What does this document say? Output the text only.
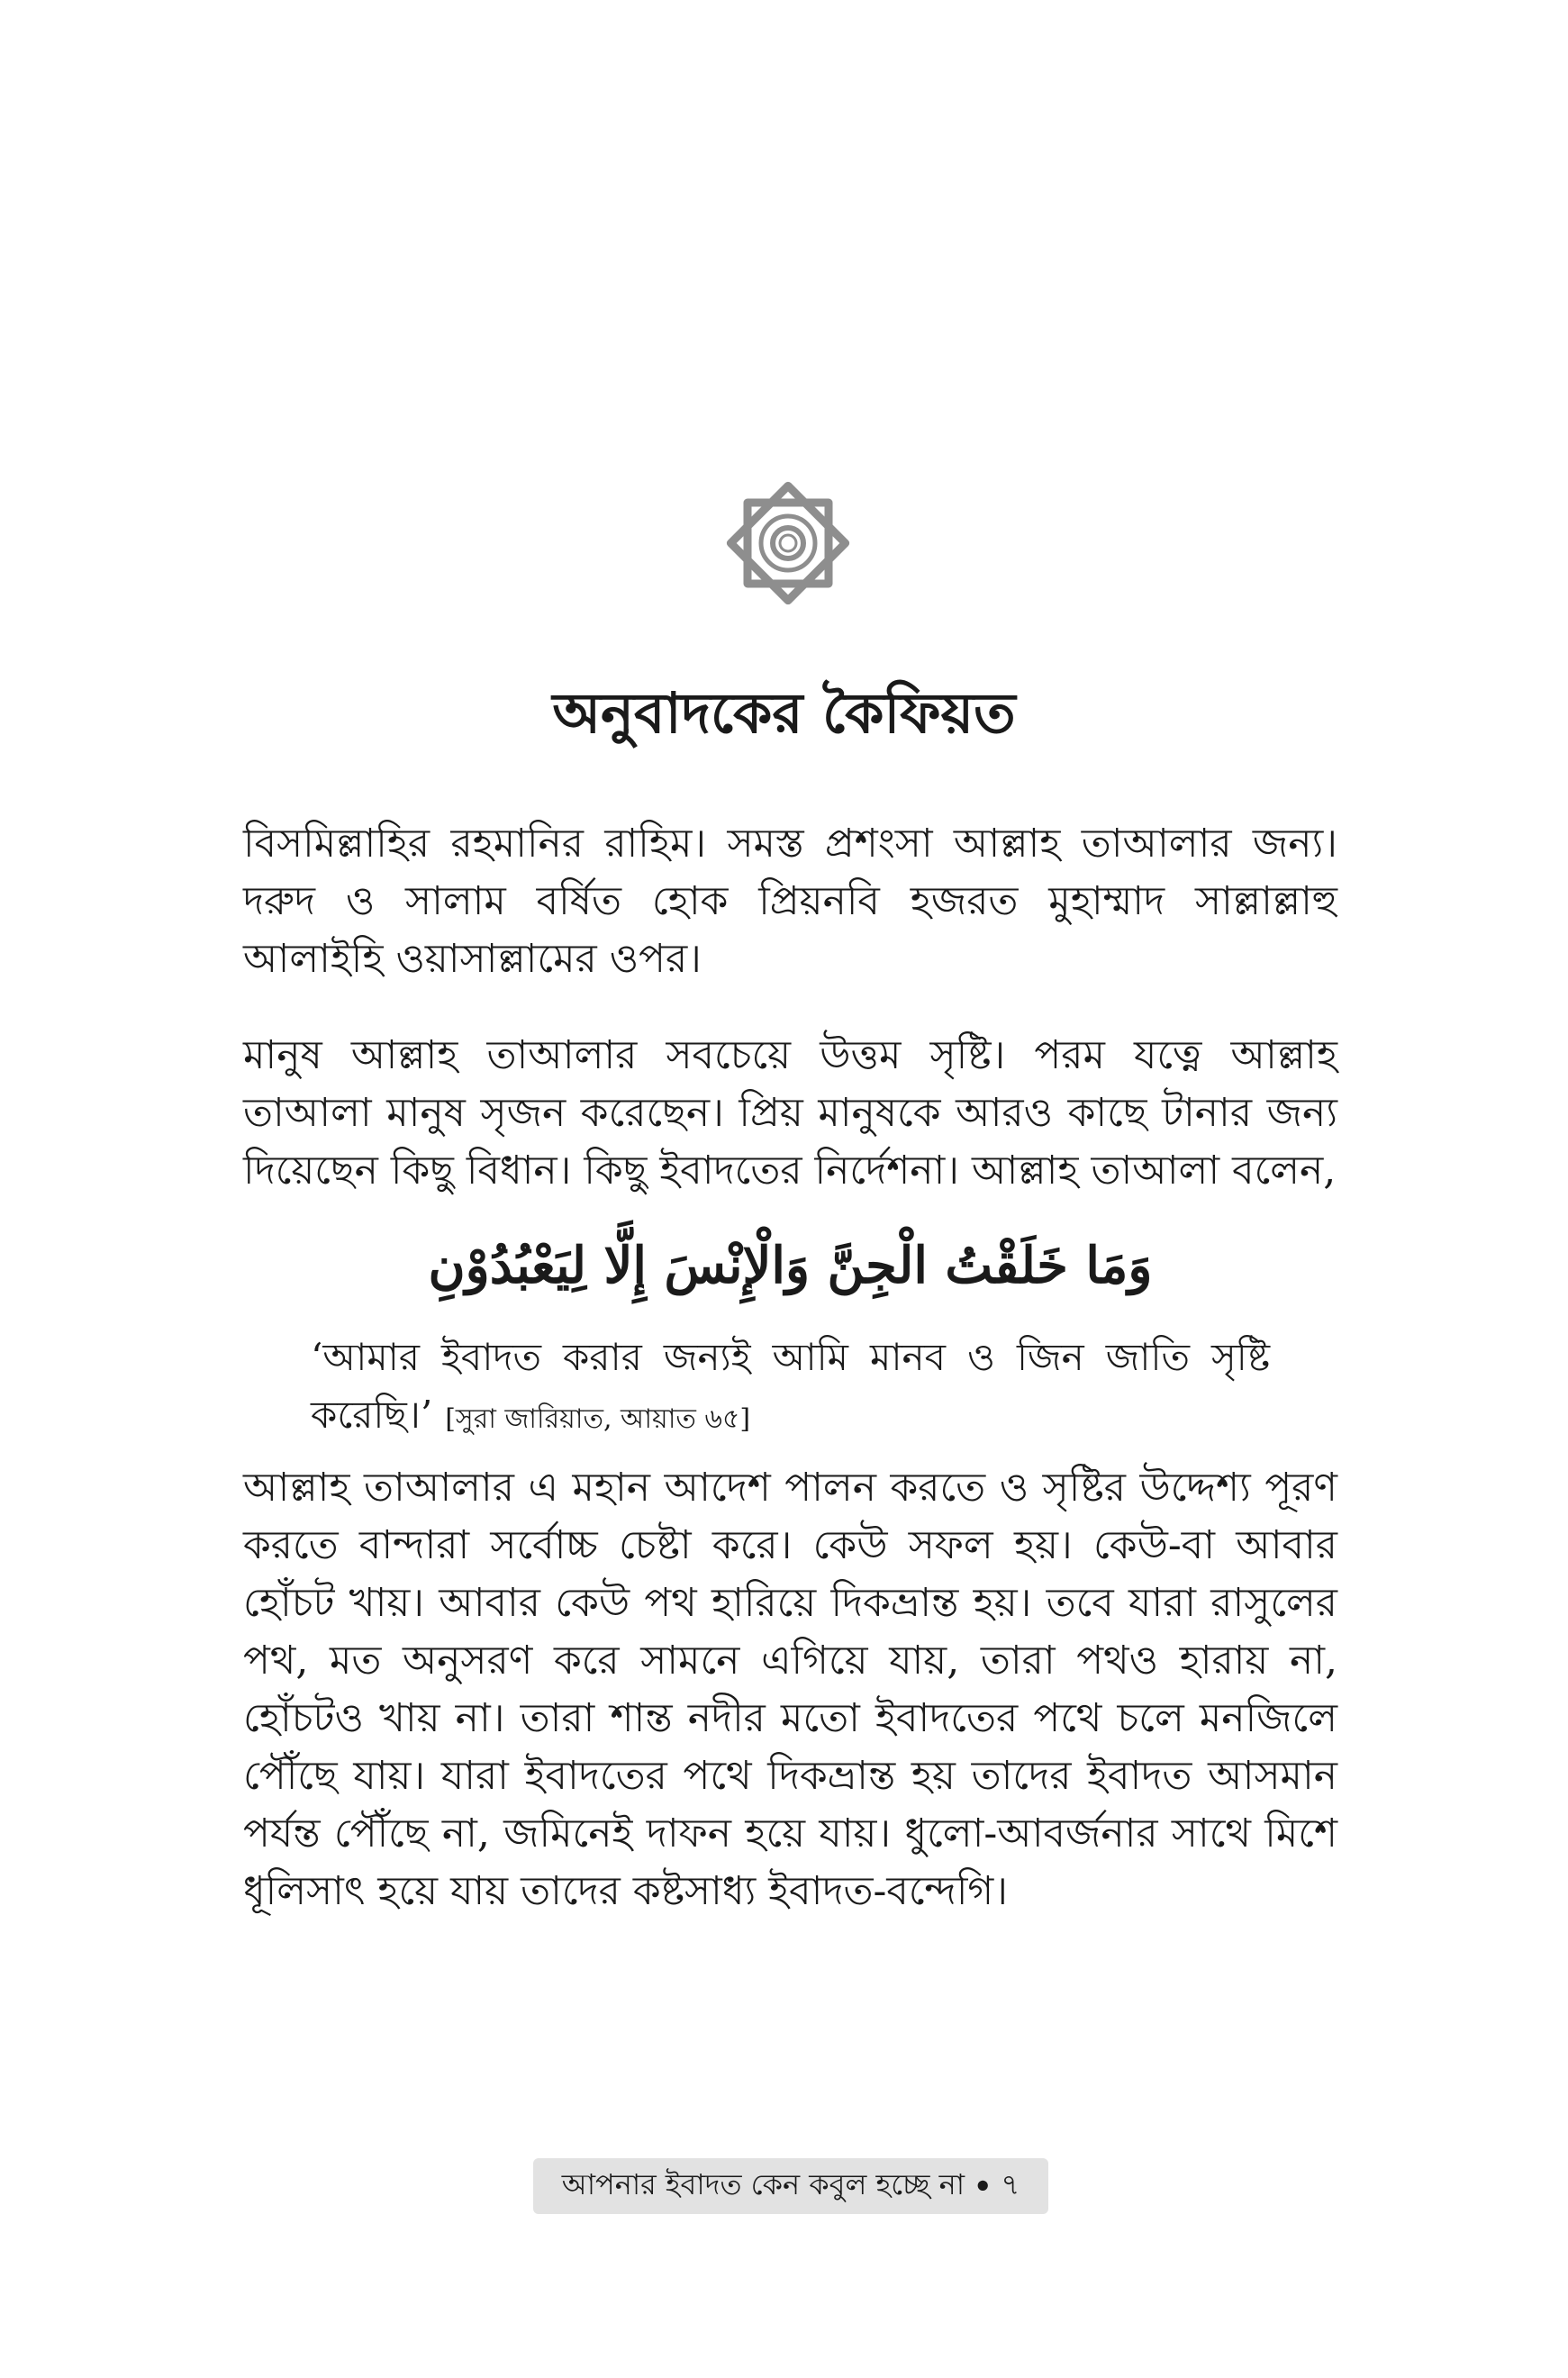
অনুবাদকের কৈফিয়ত

বিসমিল্লাহির রহমানির রাহিম। সমস্ত প্রশংসা আল্লাহ তাআলার জন্য। দরুদ ও সালাম বর্ষিত হোক প্রিয়নবি হজরত মুহাম্মাদ সাল্লাল্লাহু আলাইহি ওয়াসাল্লামের ওপর।

মানুষ আল্লাহ তাআলার সবচেয়ে উত্তম সৃষ্টি। পরম যত্নে আল্লাহ তাআলা মানুষ সৃজন করেছেন। প্রিয় মানুষকে আরও কাছে টানার জন্য দিয়েছেন কিছু বিধান। কিছু ইবাদতের নির্দেশনা। আল্লাহ তাআলা বলেন,

وَمَا خَلَقْتُ الْجِنَّ وَالْإِنْسَ إِلَّا لِيَعْبُدُوْنِ

‘আমার ইবাদত করার জন্যই আমি মানব ও জিন জাতি সৃষ্টি করেছি।’ [সুরা জারিয়াত, আয়াত ৬৫]

আল্লাহ তাআলার এ মহান আদেশ পালন করতে ও সৃষ্টির উদ্দেশ্য পূরণ করতে বান্দারা সর্বোচ্চ চেষ্টা করে। কেউ সফল হয়। কেউ-বা আবার হোঁচট খায়। আবার কেউ পথ হারিয়ে দিকভ্রান্ত হয়। তবে যারা রাসুলের পথ, মত অনুসরণ করে সামনে এগিয়ে যায়, তারা পথও হারায় না, হোঁচটও খায় না। তারা শান্ত নদীর মতো ইবাদতের পথে চলে মনজিলে পৌঁছে যায়। যারা ইবাদতের পথে দিকভ্রান্ত হয় তাদের ইবাদত আসমান পর্যন্ত পৌঁছে না, জমিনেই দাফন হয়ে যায়। ধুলো-আবর্জনার সাথে মিশে ধূলিসাৎ হয়ে যায় তাদের কষ্টসাধ্য ইবাদত-বন্দেগি।

আপনার ইবাদত কেন কবুল হচ্ছে না • ৭
